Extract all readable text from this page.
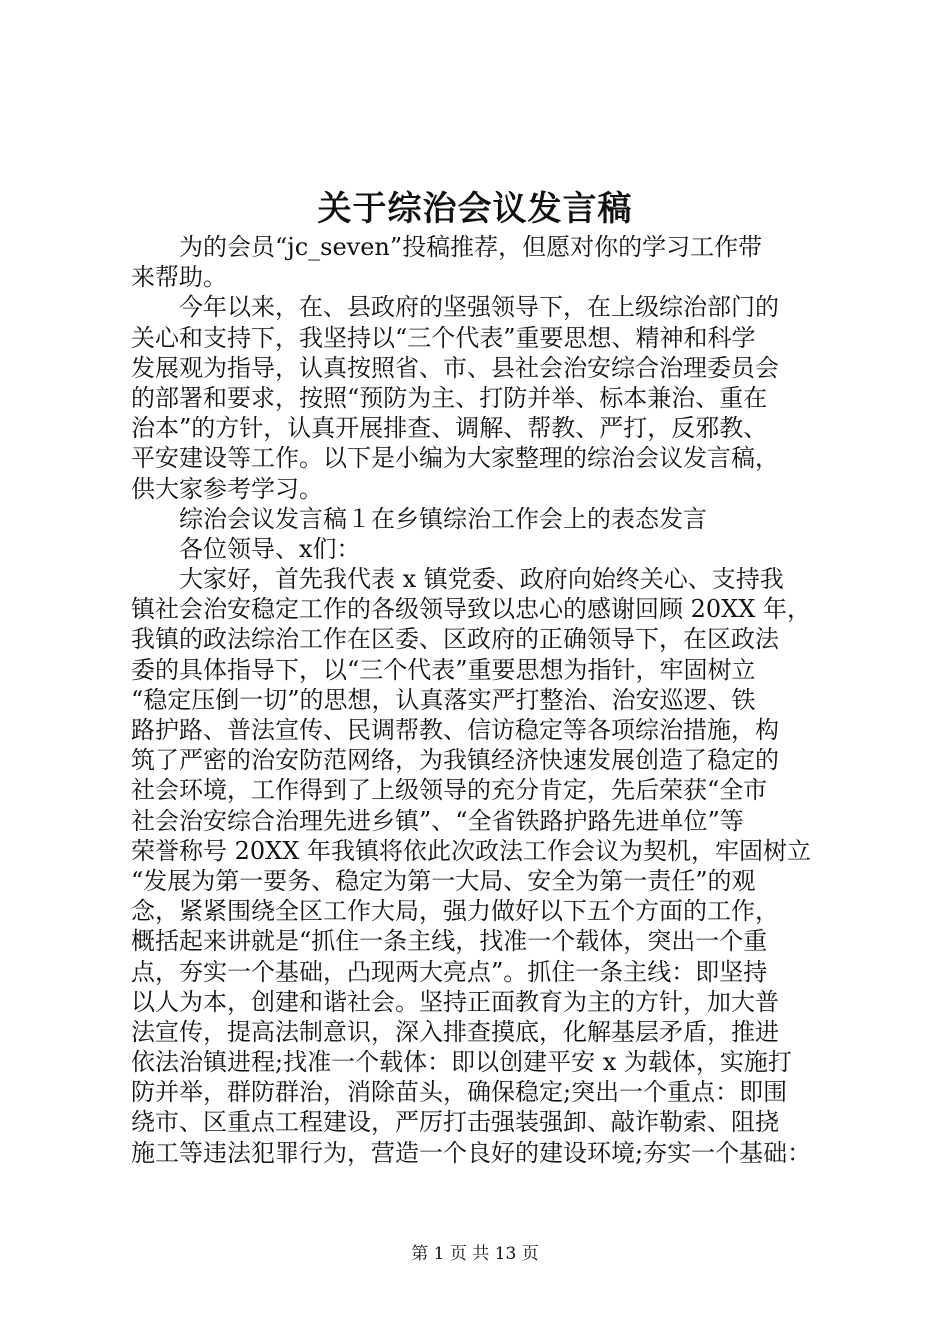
关于综治会议发言稿
为的会员“jc_seven”投稿推荐，但愿对你的学习工作带
来帮助。
今年以来，在、县政府的坚强领导下，在上级综治部门的
关心和支持下，我坚持以“三个代表”重要思想、精神和科学
发展观为指导，认真按照省、市、县社会治安综合治理委员会
的部署和要求，按照“预防为主、打防并举、标本兼治、重在
治本”的方针，认真开展排查、调解、帮教、严打，反邪教、
平安建设等工作。以下是小编为大家整理的综治会议发言稿，
供大家参考学习。
综治会议发言稿１在乡镇综治工作会上的表态发言
各位领导、x们：
大家好，首先我代表 x 镇党委、政府向始终关心、支持我
镇社会治安稳定工作的各级领导致以忠心的感谢回顾 20XX 年，
我镇的政法综治工作在区委、区政府的正确领导下，在区政法
委的具体指导下，以“三个代表”重要思想为指针，牢固树立
“稳定压倒一切”的思想，认真落实严打整治、治安巡逻、铁
路护路、普法宣传、民调帮教、信访稳定等各项综治措施，构
筑了严密的治安防范网络，为我镇经济快速发展创造了稳定的
社会环境，工作得到了上级领导的充分肯定，先后荣获“全市
社会治安综合治理先进乡镇”、“全省铁路护路先进单位”等
荣誉称号 20XX 年我镇将依此次政法工作会议为契机，牢固树立
“发展为第一要务、稳定为第一大局、安全为第一责任”的观
念，紧紧围绕全区工作大局，强力做好以下五个方面的工作，
概括起来讲就是“抓住一条主线，找准一个载体，突出一个重
点，夯实一个基础，凸现两大亮点”。抓住一条主线：即坚持
以人为本，创建和谐社会。坚持正面教育为主的方针，加大普
法宣传，提高法制意识，深入排查摸底，化解基层矛盾，推进
依法治镇进程;找准一个载体：即以创建平安 x 为载体，实施打
防并举，群防群治，消除苗头，确保稳定;突出一个重点：即围
绕市、区重点工程建设，严厉打击强装强卸、敲诈勒索、阻挠
施工等违法犯罪行为，营造一个良好的建设环境;夯实一个基础：
第 1 页 共 13 页
